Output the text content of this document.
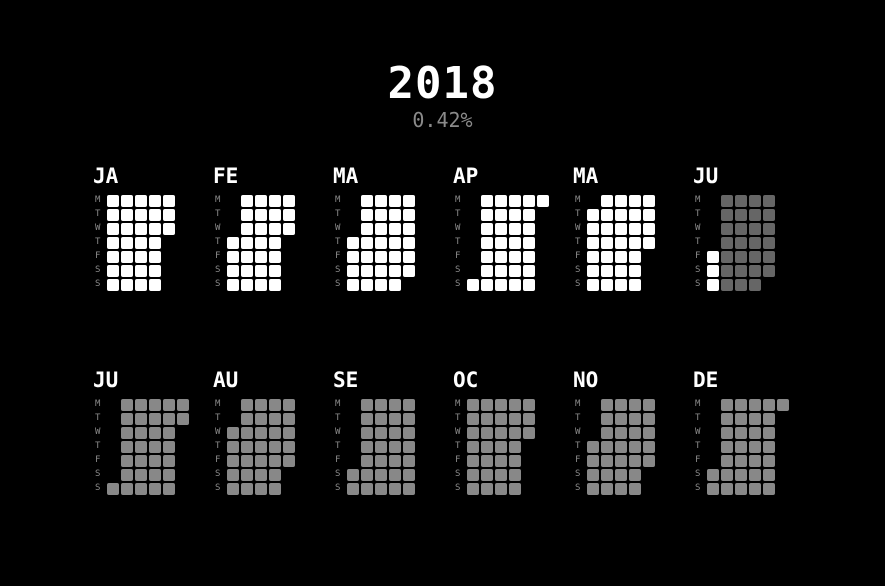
2018
0.42%
JA
M
T
W
T
F
S
S
FE
M
T
W
T
F
S
S
MA
M
T
W
T
F
S
S
AP
M
T
W
T
F
S
S
MA
M
T
W
T
F
S
S
JU
M
T
W
T
F
S
S
JU
M
T
W
T
F
S
S
AU
M
T
W
T
F
S
S
SE
M
T
W
T
F
S
S
OC
M
T
W
T
F
S
S
NO
M
T
W
T
F
S
S
DE
M
T
W
T
F
S
S
